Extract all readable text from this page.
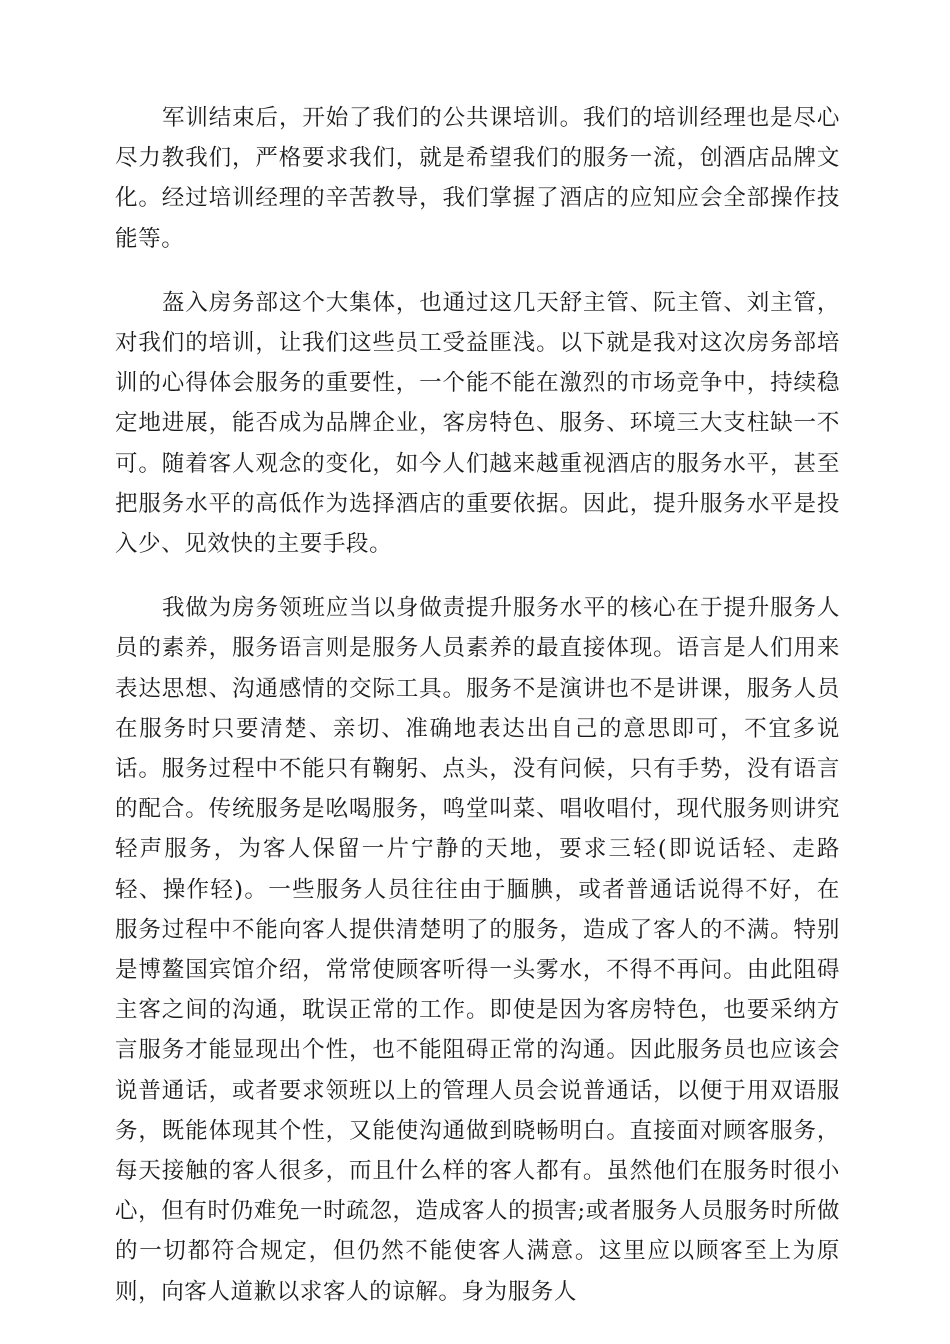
军训结束后，开始了我们的公共课培训。我们的培训经理也是尽心尽力教我们，严格要求我们，就是希望我们的服务一流，创酒店品牌文化。经过培训经理的辛苦教导，我们掌握了酒店的应知应会全部操作技能等。

盔入房务部这个大集体，也通过这几天舒主管、阮主管、刘主管，对我们的培训，让我们这些员工受益匪浅。以下就是我对这次房务部培训的心得体会服务的重要性，一个能不能在激烈的市场竞争中，持续稳定地进展，能否成为品牌企业，客房特色、服务、环境三大支柱缺一不可。随着客人观念的变化，如今人们越来越重视酒店的服务水平，甚至把服务水平的高低作为选择酒店的重要依据。因此，提升服务水平是投入少、见效快的主要手段。

我做为房务领班应当以身做责提升服务水平的核心在于提升服务人员的素养，服务语言则是服务人员素养的最直接体现。语言是人们用来表达思想、沟通感情的交际工具。服务不是演讲也不是讲课，服务人员在服务时只要清楚、亲切、准确地表达出自己的意思即可，不宜多说话。服务过程中不能只有鞠躬、点头，没有问候，只有手势，没有语言的配合。传统服务是吆喝服务，鸣堂叫菜、唱收唱付，现代服务则讲究轻声服务，为客人保留一片宁静的天地，要求三轻(即说话轻、走路轻、操作轻)。一些服务人员往往由于腼腆，或者普通话说得不好，在服务过程中不能向客人提供清楚明了的服务，造成了客人的不满。特别是博鳌国宾馆介绍，常常使顾客听得一头雾水，不得不再问。由此阻碍主客之间的沟通，耽误正常的工作。即使是因为客房特色，也要采纳方言服务才能显现出个性，也不能阻碍正常的沟通。因此服务员也应该会说普通话，或者要求领班以上的管理人员会说普通话，以便于用双语服务，既能体现其个性，又能使沟通做到晓畅明白。直接面对顾客服务，每天接触的客人很多，而且什么样的客人都有。虽然他们在服务时很小心，但有时仍难免一时疏忽，造成客人的损害;或者服务人员服务时所做的一切都符合规定，但仍然不能使客人满意。这里应以顾客至上为原则，向客人道歉以求客人的谅解。身为服务人
